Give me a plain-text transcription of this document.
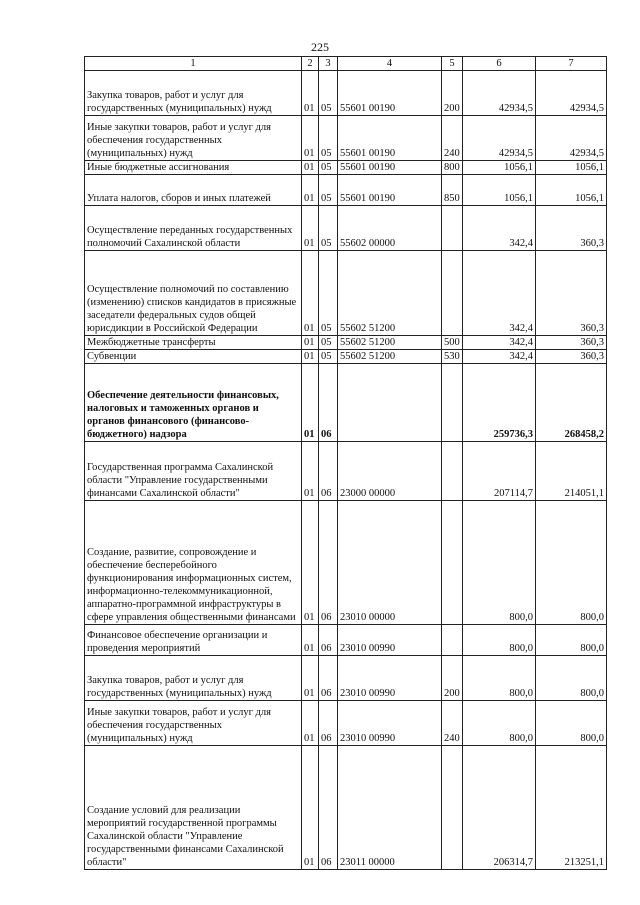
225
1	2	3	4	5	6	7
Закупка товаров, работ и услуг для государственных (муниципальных) нужд	01	05	55601 00190	200	42934,5	42934,5
Иные закупки товаров, работ и услуг для обеспечения государственных (муниципальных) нужд	01	05	55601 00190	240	42934,5	42934,5
Иные бюджетные ассигнования	01	05	55601 00190	800	1056,1	1056,1
Уплата налогов, сборов и иных платежей	01	05	55601 00190	850	1056,1	1056,1
Осуществление переданных государственных полномочий Сахалинской области	01	05	55602 00000		342,4	360,3
Осуществление полномочий по составлению (изменению) списков кандидатов в присяжные заседатели федеральных судов общей юрисдикции в Российской Федерации	01	05	55602 51200		342,4	360,3
Межбюджетные трансферты	01	05	55602 51200	500	342,4	360,3
Субвенции	01	05	55602 51200	530	342,4	360,3
Обеспечение деятельности финансовых, налоговых и таможенных органов и органов финансового (финансово-бюджетного) надзора	01	06			259736,3	268458,2
Государственная программа Сахалинской области "Управление государственными финансами Сахалинской области"	01	06	23000 00000		207114,7	214051,1
Создание, развитие, сопровождение и обеспечение бесперебойного функционирования информационных систем, информационно-телекоммуникационной, аппаратно-программной инфраструктуры в сфере управления общественными финансами	01	06	23010 00000		800,0	800,0
Финансовое обеспечение организации и проведения мероприятий	01	06	23010 00990		800,0	800,0
Закупка товаров, работ и услуг для государственных (муниципальных) нужд	01	06	23010 00990	200	800,0	800,0
Иные закупки товаров, работ и услуг для обеспечения государственных (муниципальных) нужд	01	06	23010 00990	240	800,0	800,0
Создание условий для реализации мероприятий государственной программы Сахалинской области "Управление государственными финансами Сахалинской области"	01	06	23011 00000		206314,7	213251,1
